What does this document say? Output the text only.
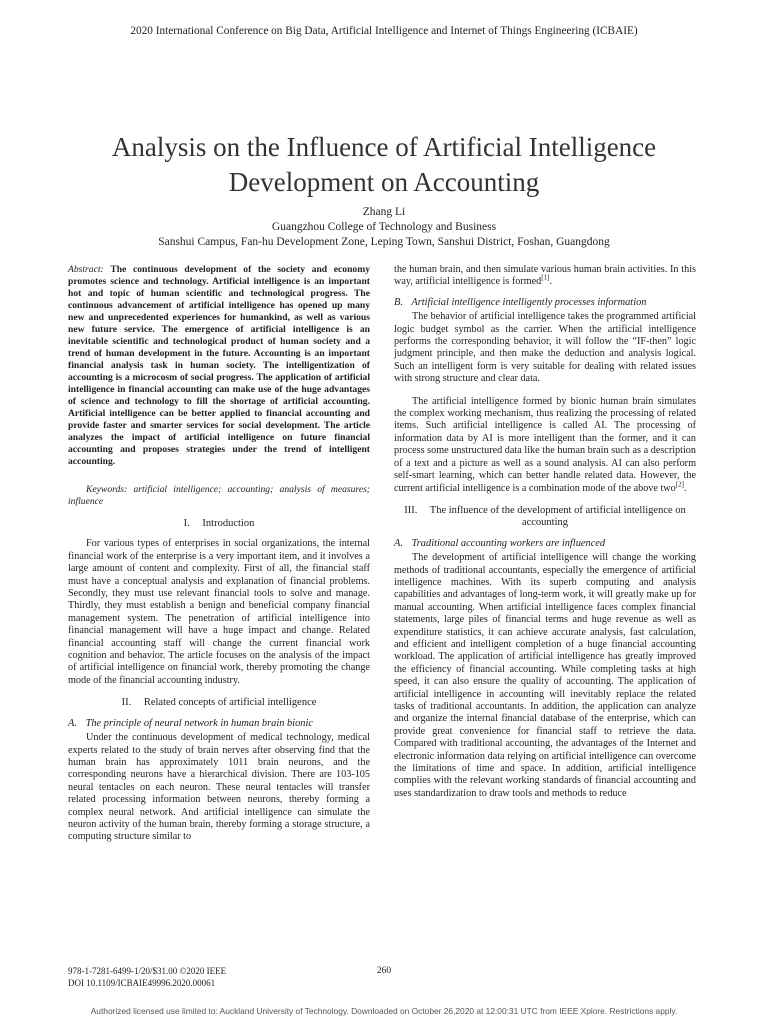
2020 International Conference on Big Data, Artificial Intelligence and Internet of Things Engineering (ICBAIE)
Analysis on the Influence of Artificial Intelligence Development on Accounting
Zhang Li
Guangzhou College of Technology and Business
Sanshui Campus, Fan-hu Development Zone, Leping Town, Sanshui District, Foshan, Guangdong

Abstract: The continuous development of the society and economy promotes science and technology. Artificial intelligence is an important hot and topic of human scientific and technological progress. The continuous advancement of artificial intelligence has opened up many new and unprecedented experiences for humankind, as well as various new future service. The emergence of artificial intelligence is an inevitable scientific and technological product of human society and a trend of human development in the future. Accounting is an important financial analysis task in human society. The intelligentization of accounting is a microcosm of social progress. The application of artificial intelligence in financial accounting can make use of the huge advantages of science and technology to fill the shortage of artificial accounting. Artificial intelligence can be better applied to financial accounting and provide faster and smarter services for social development. The article analyzes the impact of artificial intelligence on future financial accounting and proposes strategies under the trend of intelligent accounting.

Keywords: artificial intelligence; accounting; analysis of measures; influence

I. Introduction

For various types of enterprises in social organizations, the internal financial work of the enterprise is a very important item, and it involves a large amount of content and complexity. First of all, the financial staff must have a conceptual analysis and explanation of financial problems. Secondly, they must use relevant financial tools to solve and manage. Thirdly, they must establish a benign and beneficial company financial management system. The penetration of artificial intelligence into financial management will have a huge impact and change. Related financial accounting staff will change the current financial work cognition and behavior. The article focuses on the analysis of the impact of artificial intelligence on financial work, thereby promoting the change mode of the financial accounting industry.

II. Related concepts of artificial intelligence
A. The principle of neural network in human brain bionic

Under the continuous development of medical technology, medical experts related to the study of brain nerves after observing find that the human brain has approximately 1011 brain neurons, and the corresponding neurons have a hierarchical division. There are 103-105 neural tentacles on each neuron. These neural tentacles will transfer related processing information between neurons, thereby forming a complex neural network. And artificial intelligence can simulate the neuron activity of the human brain, thereby forming a storage structure, a computing structure similar to

the human brain, and then simulate various human brain activities. In this way, artificial intelligence is formed[1].

B. Artificial intelligence intelligently processes information

The behavior of artificial intelligence takes the programmed artificial logic budget symbol as the carrier. When the artificial intelligence performs the corresponding behavior, it will follow the “IF-then” logic judgment principle, and then make the deduction and analysis logical. Such an intelligent form is very suitable for dealing with related issues with strong structure and clear data.

The artificial intelligence formed by bionic human brain simulates the complex working mechanism, thus realizing the processing of related items. Such artificial intelligence is called AI. The processing of information data by AI is more intelligent than the former, and it can process some unstructured data like the human brain such as a description of a text and a picture as well as a sound analysis. AI can also perform self-smart learning, which can better handle related data. However, the current artificial intelligence is a combination mode of the above two[2].

III. The influence of the development of artificial intelligence on accounting
A. Traditional accounting workers are influenced

The development of artificial intelligence will change the working methods of traditional accountants, especially the emergence of artificial intelligence machines. With its superb computing and analysis capabilities and advantages of long-term work, it will greatly make up for manual accounting. When artificial intelligence faces complex financial statements, large piles of financial terms and huge revenue as well as expenditure statistics, it can achieve accurate analysis, fast calculation, and efficient and intelligent completion of a huge financial accounting workload. The application of artificial intelligence has greatly improved the efficiency of financial accounting. While completing tasks at high speed, it can also ensure the quality of accounting. The application of artificial intelligence in accounting will inevitably replace the related tasks of traditional accountants. In addition, the application can analyze and organize the internal financial database of the enterprise, which can provide great convenience for financial staff to retrieve the data. Compared with traditional accounting, the advantages of the Internet and electronic information data relying on artificial intelligence can overcome the limitations of time and space. In addition, artificial intelligence complies with the relevant working standards of financial accounting and uses standardization to draw tools and methods to reduce

978-1-7281-6499-1/20/$31.00 ©2020 IEEE
DOI 10.1109/ICBAIE49996.2020.00061
260
Authorized licensed use limited to: Auckland University of Technology. Downloaded on October 26,2020 at 12:00:31 UTC from IEEE Xplore. Restrictions apply.
